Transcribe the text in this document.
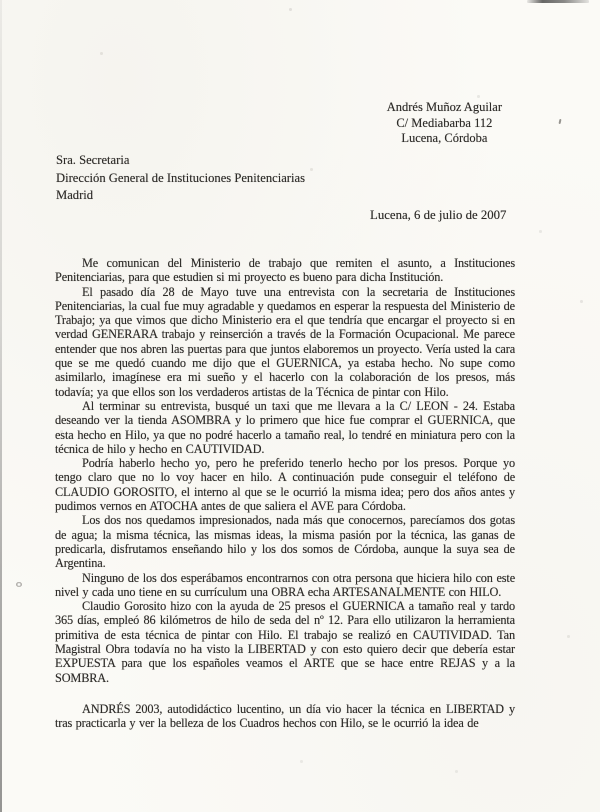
Andrés Muñoz Aguilar
C/ Mediabarba 112
Lucena, Córdoba
Sra. Secretaria
Dirección General de Instituciones Penitenciarias
Madrid
Lucena, 6 de julio de 2007

Me comunican del Ministerio de trabajo que remiten el asunto, a Instituciones Penitenciarias, para que estudien si mi proyecto es bueno para dicha Institución.

El pasado día 28 de Mayo tuve una entrevista con la secretaria de Instituciones Penitenciarias, la cual fue muy agradable y quedamos en esperar la respuesta del Ministerio de Trabajo; ya que vimos que dicho Ministerio era el que tendría que encargar el proyecto si en verdad GENERARA trabajo y reinserción a través de la Formación Ocupacional. Me parece entender que nos abren las puertas para que juntos elaboremos un proyecto. Vería usted la cara que se me quedó cuando me dijo que el GUERNICA, ya estaba hecho. No supe como asimilarlo, imagínese era mi sueño y el hacerlo con la colaboración de los presos, más todavía; ya que ellos son los verdaderos artistas de la Técnica de pintar con Hilo.

Al terminar su entrevista, busqué un taxi que me llevara a la C/ LEON - 24. Estaba deseando ver la tienda ASOMBRA y lo primero que hice fue comprar el GUERNICA, que esta hecho en Hilo, ya que no podré hacerlo a tamaño real, lo tendré en miniatura pero con la técnica de hilo y hecho en CAUTIVIDAD.

Podría haberlo hecho yo, pero he preferido tenerlo hecho por los presos. Porque yo tengo claro que no lo voy hacer en hilo. A continuación pude conseguir el teléfono de CLAUDIO GOROSITO, el interno al que se le ocurrió la misma idea; pero dos años antes y pudimos vernos en ATOCHA antes de que saliera el AVE para Córdoba.

Los dos nos quedamos impresionados, nada más que conocernos, parecíamos dos gotas de agua; la misma técnica, las mismas ideas, la misma pasión por la técnica, las ganas de predicarla, disfrutamos enseñando hilo y los dos somos de Córdoba, aunque la suya sea de Argentina.

Ninguno de los dos esperábamos encontrarnos con otra persona que hiciera hilo con este nivel y cada uno tiene en su currículum una OBRA echa ARTESANALMENTE con HILO.

Claudio Gorosito hizo con la ayuda de 25 presos el GUERNICA a tamaño real y tardo 365 días, empleó 86 kilómetros de hilo de seda del nº 12. Para ello utilizaron la herramienta primitiva de esta técnica de pintar con Hilo. El trabajo se realizó en CAUTIVIDAD. Tan Magistral Obra todavía no ha visto la LIBERTAD y con esto quiero decir que debería estar EXPUESTA para que los españoles veamos el ARTE que se hace entre REJAS y a la SOMBRA.

ANDRÉS 2003, autodidáctico lucentino, un día vio hacer la técnica en LIBERTAD y tras practicarla y ver la belleza de los Cuadros hechos con Hilo, se le ocurrió la idea de
